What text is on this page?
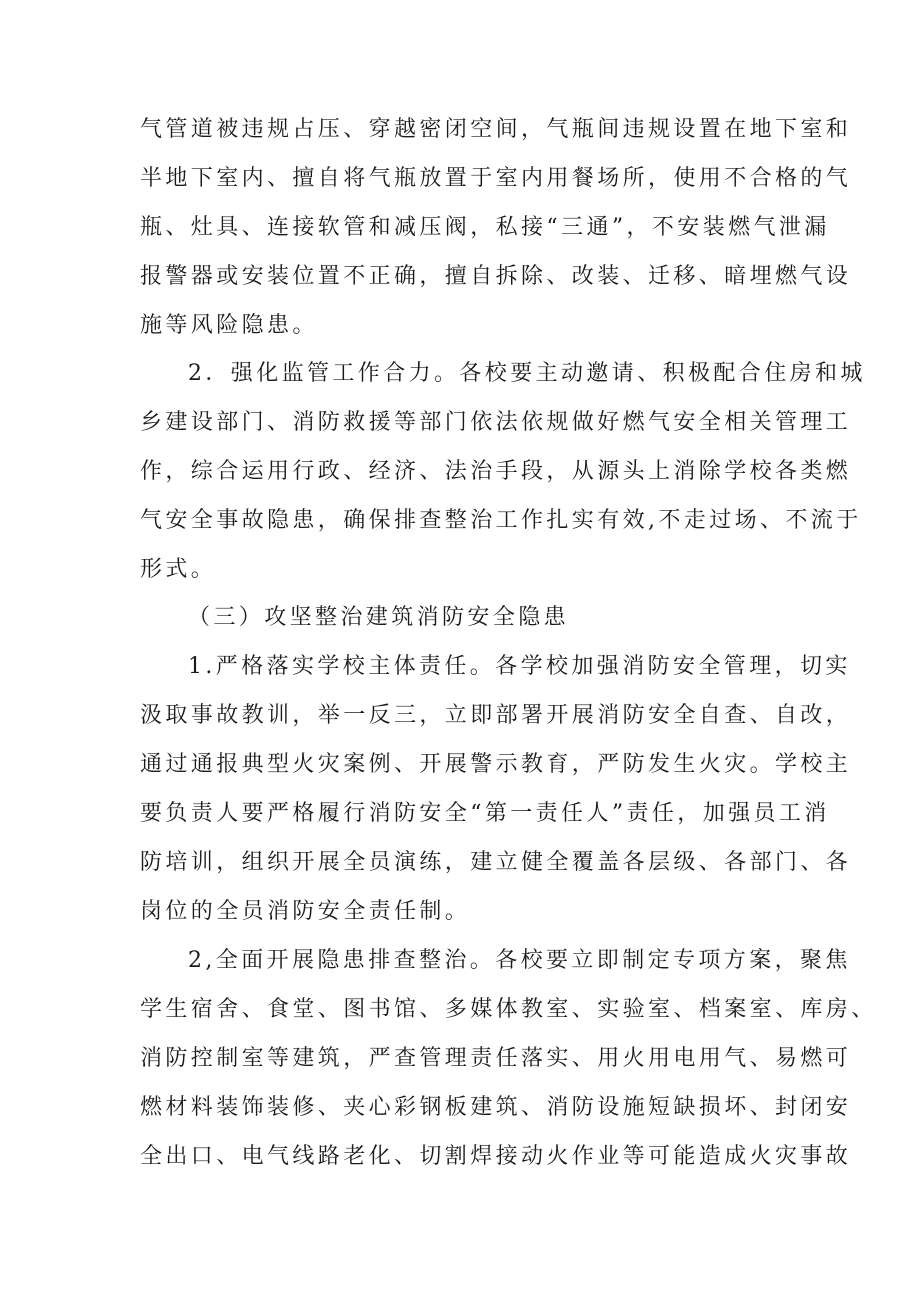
气管道被违规占压、穿越密闭空间，气瓶间违规设置在地下室和
半地下室内、擅自将气瓶放置于室内用餐场所，使用不合格的气
瓶、灶具、连接软管和减压阀，私接“三通”，不安装燃气泄漏
报警器或安装位置不正确，擅自拆除、改装、迁移、暗埋燃气设
施等风险隐患。
2．强化监管工作合力。各校要主动邀请、积极配合住房和城
乡建设部门、消防救援等部门依法依规做好燃气安全相关管理工
作，综合运用行政、经济、法治手段，从源头上消除学校各类燃
气安全事故隐患，确保排查整治工作扎实有效,不走过场、不流于
形式。
（三）攻坚整治建筑消防安全隐患
1.严格落实学校主体责任。各学校加强消防安全管理，切实
汲取事故教训，举一反三，立即部署开展消防安全自查、自改，
通过通报典型火灾案例、开展警示教育，严防发生火灾。学校主
要负责人要严格履行消防安全“第一责任人”责任，加强员工消
防培训，组织开展全员演练，建立健全覆盖各层级、各部门、各
岗位的全员消防安全责任制。
2,全面开展隐患排查整治。各校要立即制定专项方案，聚焦
学生宿舍、食堂、图书馆、多媒体教室、实验室、档案室、库房、
消防控制室等建筑，严查管理责任落实、用火用电用气、易燃可
燃材料装饰装修、夹心彩钢板建筑、消防设施短缺损坏、封闭安
全出口、电气线路老化、切割焊接动火作业等可能造成火灾事故
